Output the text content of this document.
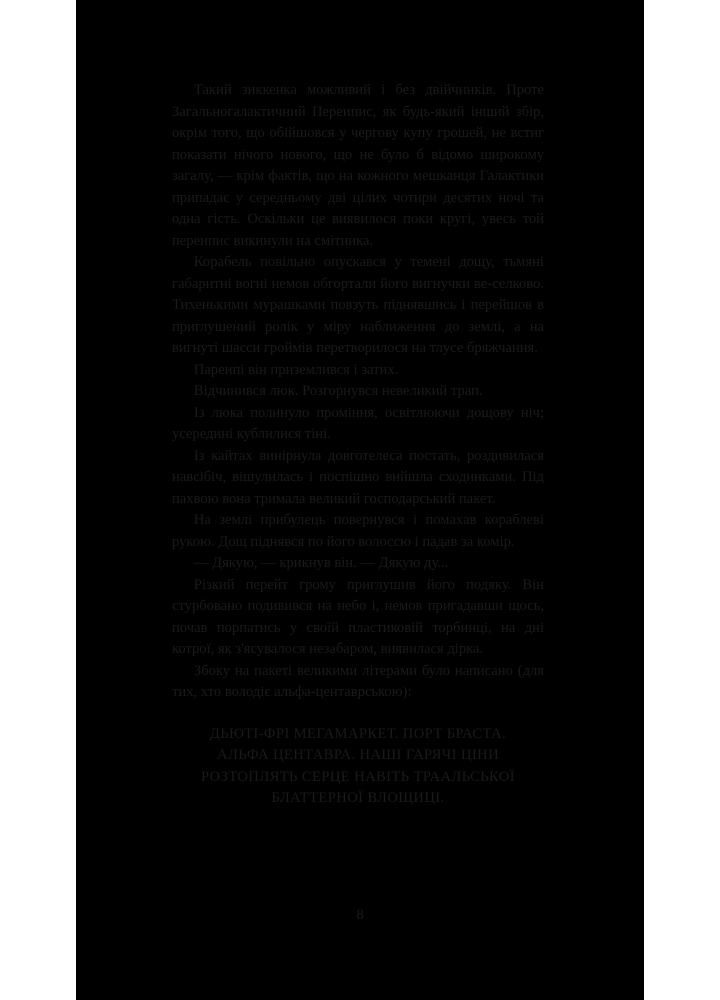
Такий зиккенка можливий і без двійчинків. Проте Загальногалактичний Переипис, як будь-який інший збір, окрім того, що обійшовся у чергову купу грошей, не встиг показати нічого нового, що не було б відомо широкому загалу, — крім фактів, що на кожного мешканця Галактики припадає у середньому дві цілих чотири десятих ночі та одна гість. Оскільки це виявилося поки кругі, увесь той переипис викинули на смітника.

Корабель повільно опускався у темені дощу, тьмяні габаритні вогні немов обгортали його вигнучки ве-селково. Тихенькими мурашками повзуть піднявшись і перейшов в приглушений ролік у міру наближення до землі, а на вигнуті шасси гроймів перетворилося на тлусе бряжчання.

Пареипі він приземлився і затих.

Відчинився люк. Розгорнувся невеликий трап.

Із люка полинуло проміння, освітлюючи дощову ніч; усередині кублилися тіні.

Із кайтах винірнула довготелеса постать, роздивилася навсібіч, вішулилась і поспішно вийшла сходинками. Під пахвою вона тримала великий господарський пакет.

На землі прибулець повернувся і помахав кораблеві рукою. Дощ піднявся по його волоссю і падав за комір.

— Дякую, — крикнув він. — Дякую ду...

Різкий перейт грому приглушив його подяку. Він стурбовано подивився на небо і, немов пригадавши щось, почав порпатись у своїй пластиковій торбинці, на дні котрої, як з'ясувалося незабаром, виявилася дірка.

Збоку на пакеті великими літерами було написано (для тих, хто володіє альфа-центаврською):

ДЬЮТІ-ФРІ МЕГАМАРКЕТ. ПОРТ БРАСТА.
АЛЬФА ЦЕНТАВРА. НАШІ ГАРЯЧІ ЦІНИ
РОЗТОПЛЯТЬ СЕРЦЕ НАВІТЬ ТРААЛЬСЬКОЇ
БЛАТТЕРНОЇ ВЛОЩИЦІ.
8
